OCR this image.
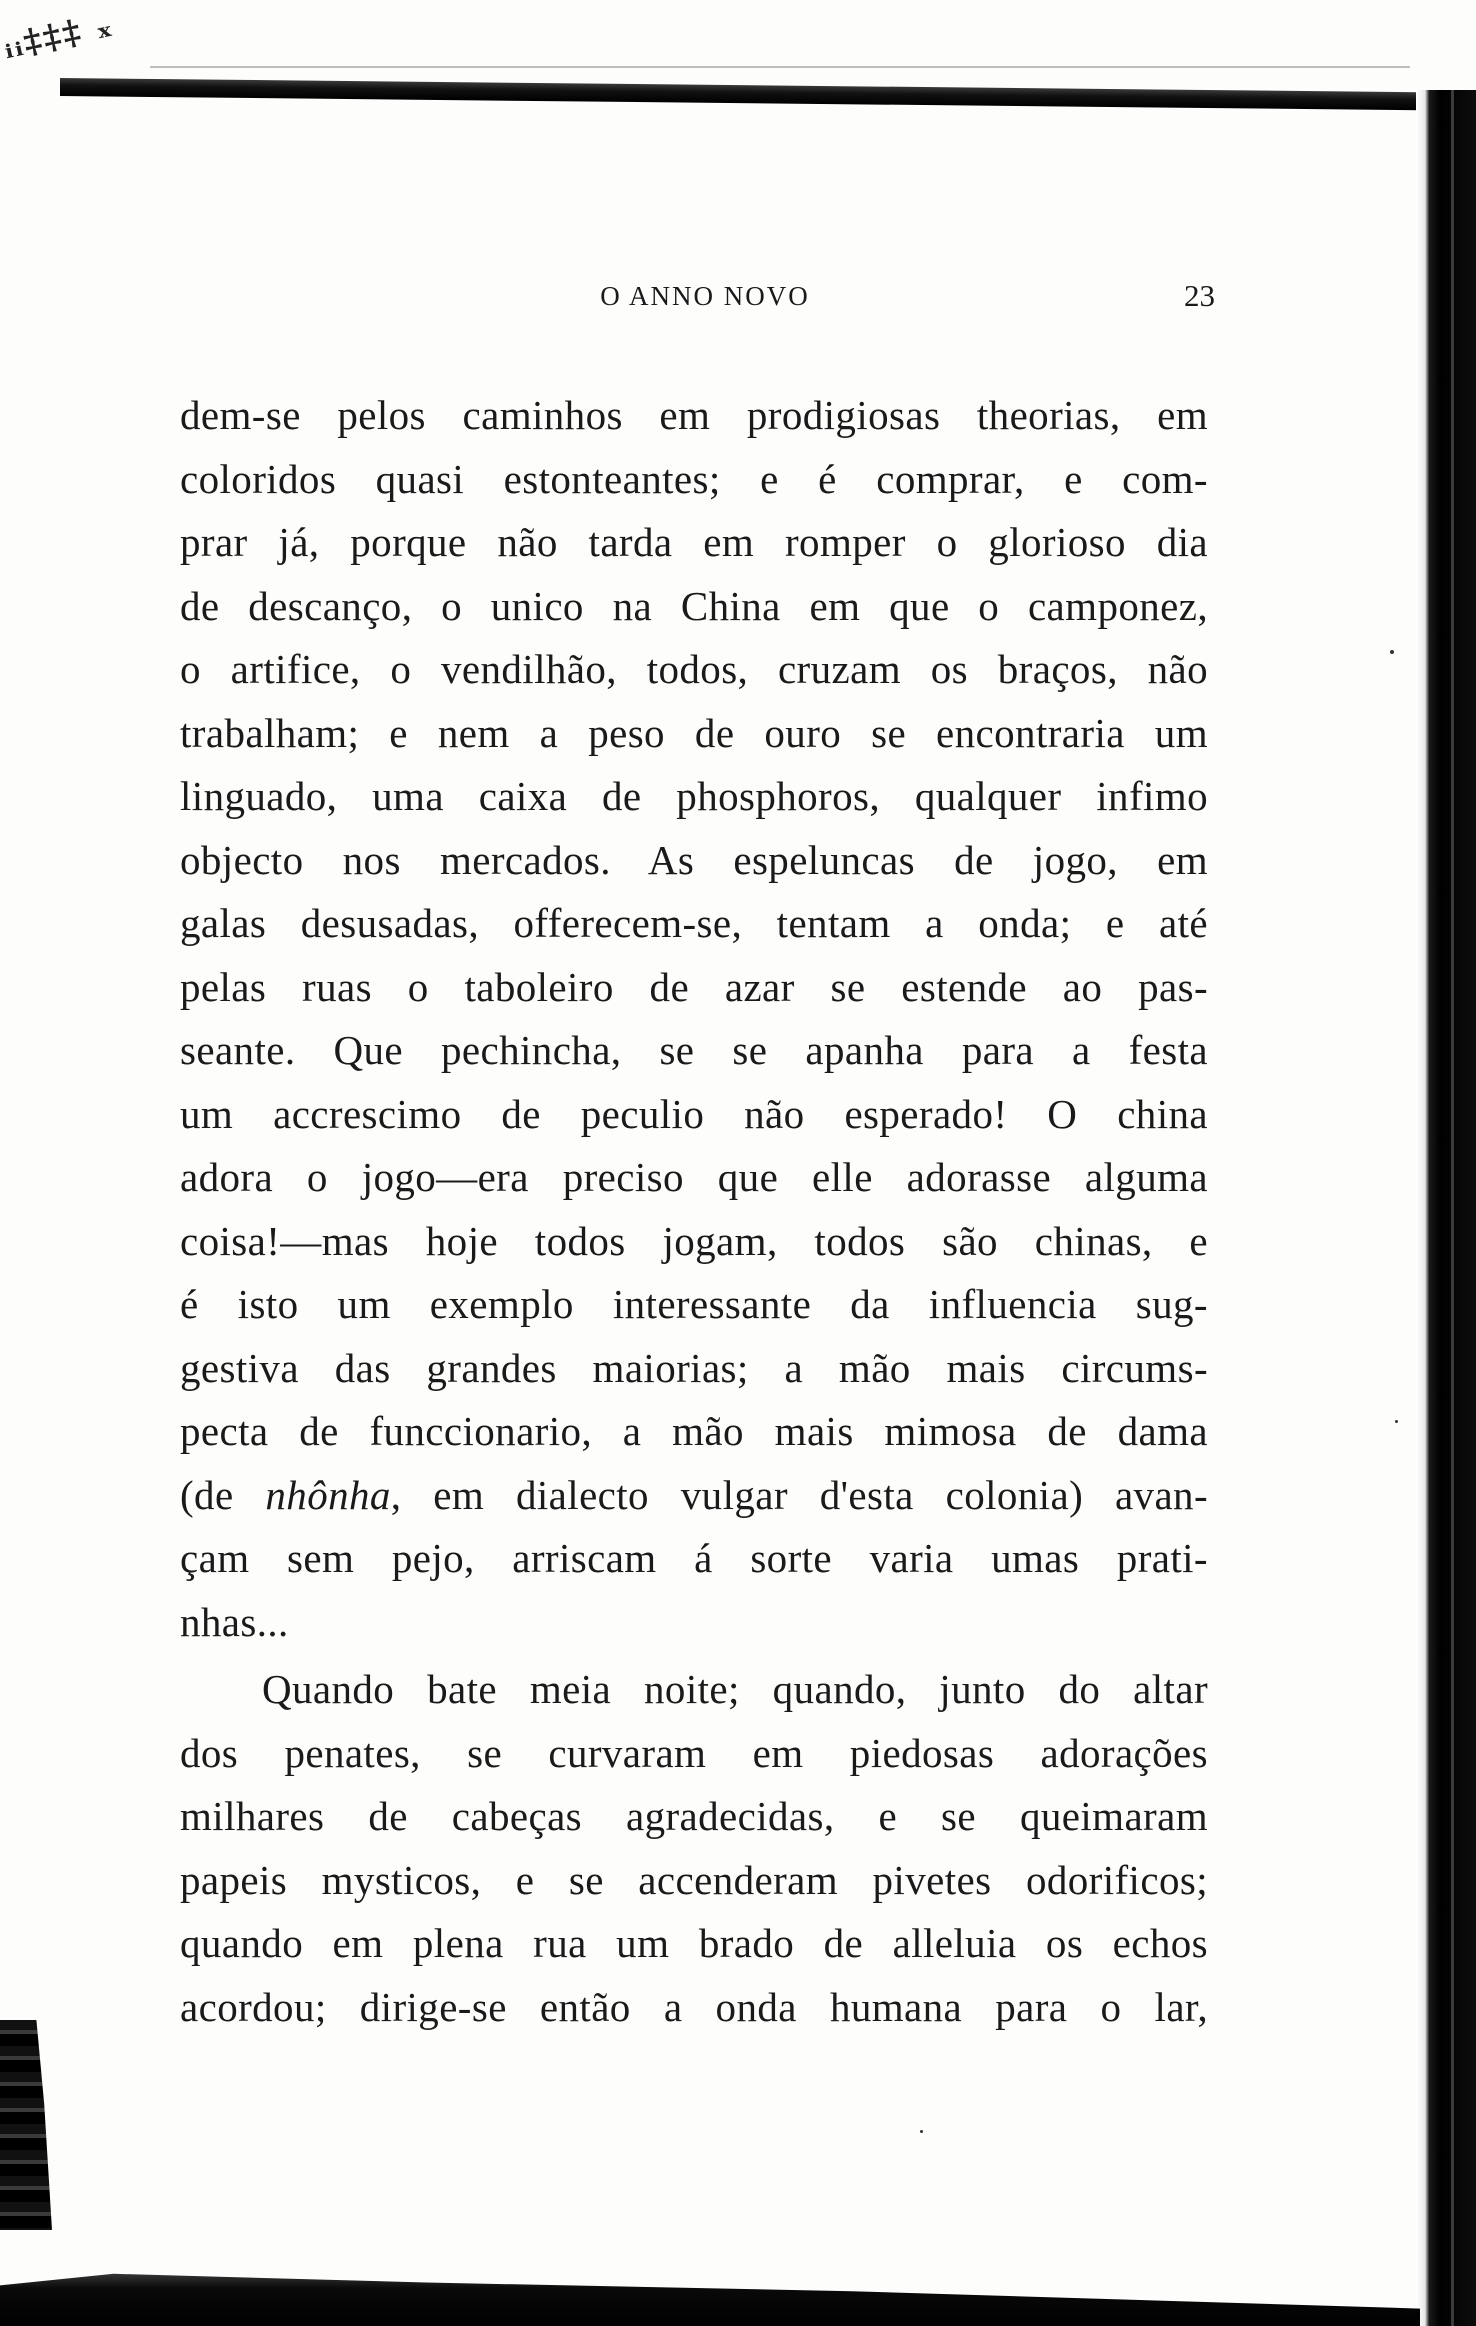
ᵢᵢ‡‡‡ ₓ
O ANNO NOVO	23
dem-se pelos caminhos em prodigiosas theorias, em
coloridos quasi estonteantes; e é comprar, e com-
prar já, porque não tarda em romper o glorioso dia
de descanço, o unico na China em que o camponez,
o artifice, o vendilhão, todos, cruzam os braços, não
trabalham; e nem a peso de ouro se encontraria um
linguado, uma caixa de phosphoros, qualquer infimo
objecto nos mercados. As espeluncas de jogo, em
galas desusadas, offerecem-se, tentam a onda; e até
pelas ruas o taboleiro de azar se estende ao pas-
seante. Que pechincha, se se apanha para a festa
um accrescimo de peculio não esperado! O china
adora o jogo—era preciso que elle adorasse alguma
coisa!—mas hoje todos jogam, todos são chinas, e
é isto um exemplo interessante da influencia sug-
gestiva das grandes maiorias; a mão mais circums-
pecta de funccionario, a mão mais mimosa de dama
(de nhônha, em dialecto vulgar d'esta colonia) avan-
çam sem pejo, arriscam á sorte varia umas prati-
nhas...
Quando bate meia noite; quando, junto do altar
dos penates, se curvaram em piedosas adorações
milhares de cabeças agradecidas, e se queimaram
papeis mysticos, e se accenderam pivetes odorificos;
quando em plena rua um brado de alleluia os echos
acordou; dirige-se então a onda humana para o lar,
